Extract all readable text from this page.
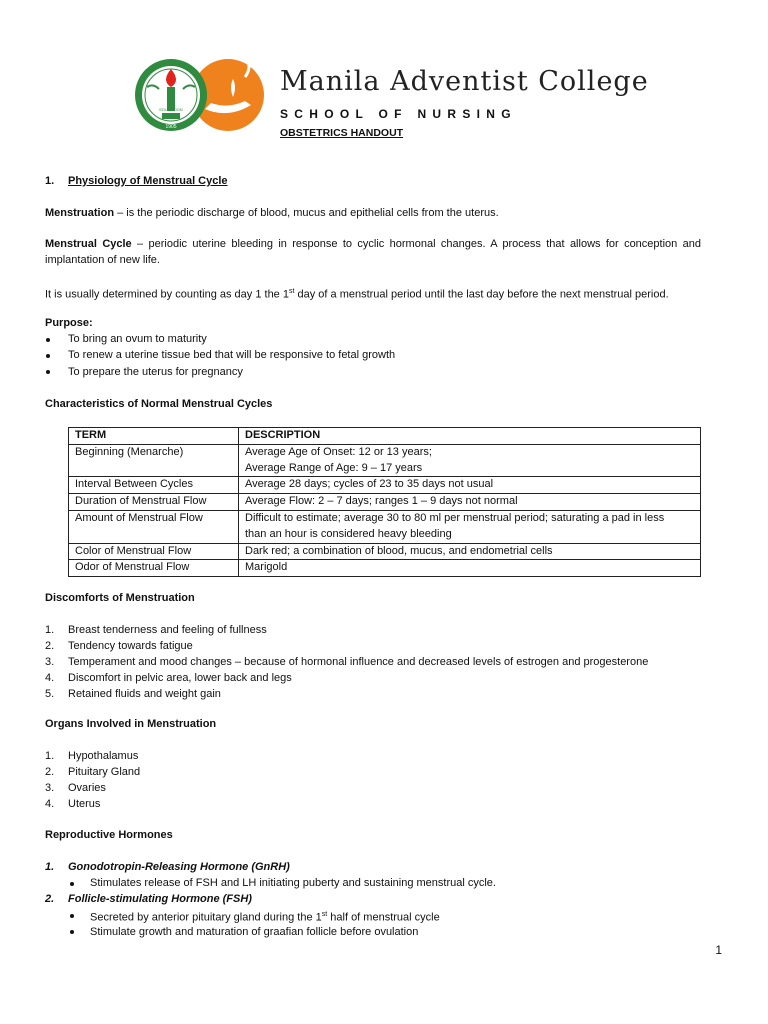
EDUCATION
1905
Manila Adventist College
SCHOOL OF NURSING
OBSTETRICS HANDOUT
1. Physiology of Menstrual Cycle
Menstruation – is the periodic discharge of blood, mucus and epithelial cells from the uterus.
Menstrual Cycle – periodic uterine bleeding in response to cyclic hormonal changes. A process that allows for conception and implantation of new life.
It is usually determined by counting as day 1 the 1st day of a menstrual period until the last day before the next menstrual period.
Purpose:
To bring an ovum to maturity
To renew a uterine tissue bed that will be responsive to fetal growth
To prepare the uterus for pregnancy
Characteristics of Normal Menstrual Cycles
TERM	DESCRIPTION
Beginning (Menarche)	Average Age of Onset: 12 or 13 years;
Average Range of Age: 9 – 17 years

Interval Between Cycles	Average 28 days; cycles of 23 to 35 days not usual
Duration of Menstrual Flow	Average Flow: 2 – 7 days; ranges 1 – 9 days not normal
Amount of Menstrual Flow	Difficult to estimate; average 30 to 80 ml per menstrual period; saturating a pad in less
than an hour is considered heavy bleeding

Color of Menstrual Flow	Dark red; a combination of blood, mucus, and endometrial cells
Odor of Menstrual Flow	Marigold
Discomforts of Menstruation
1. Breast tenderness and feeling of fullness
2. Tendency towards fatigue
3. Temperament and mood changes – because of hormonal influence and decreased levels of estrogen and progesterone
4. Discomfort in pelvic area, lower back and legs
5. Retained fluids and weight gain
Organs Involved in Menstruation
1. Hypothalamus
2. Pituitary Gland
3. Ovaries
4. Uterus
Reproductive Hormones
1. Gonodotropin-Releasing Hormone (GnRH)
Stimulates release of FSH and LH initiating puberty and sustaining menstrual cycle.
2. Follicle-stimulating Hormone (FSH)
Secreted by anterior pituitary gland during the 1st half of menstrual cycle
Stimulate growth and maturation of graafian follicle before ovulation
1
